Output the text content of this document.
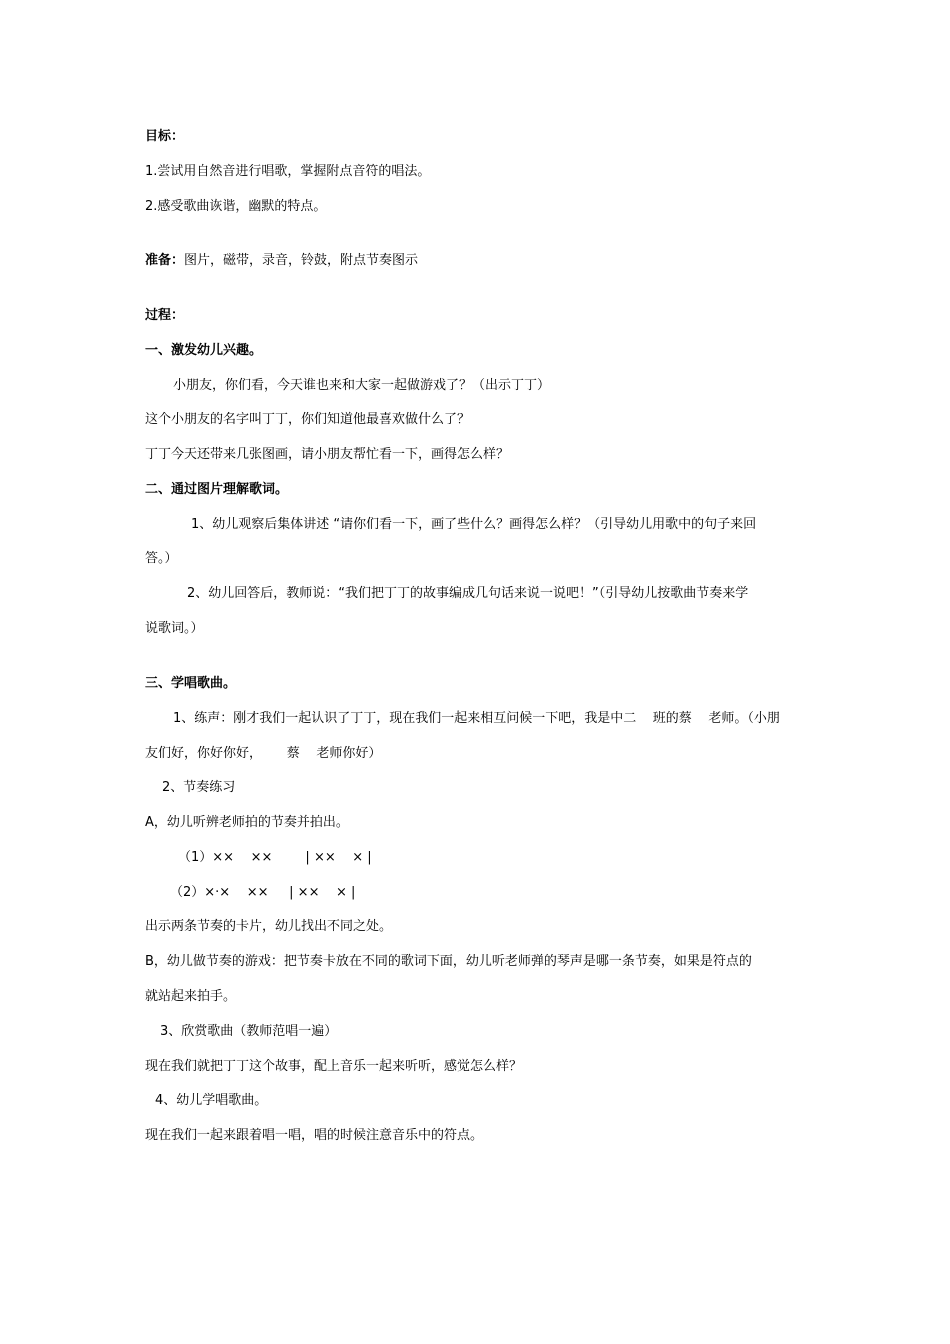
目标：
1.尝试用自然音进行唱歌，掌握附点音符的唱法。
2.感受歌曲诙谐，幽默的特点。
准备：图片，磁带，录音，铃鼓，附点节奏图示
过程：
一、激发幼儿兴趣。
小朋友，你们看，今天谁也来和大家一起做游戏了？（出示丁丁）
这个小朋友的名字叫丁丁，你们知道他最喜欢做什么了？
丁丁今天还带来几张图画，请小朋友帮忙看一下，画得怎么样？
二、通过图片理解歌词。
1、幼儿观察后集体讲述 “请你们看一下，画了些什么？画得怎么样？（引导幼儿用歌中的句子来回
答。）
2、幼儿回答后，教师说：“我们把丁丁的故事编成几句话来说一说吧！”（引导幼儿按歌曲节奏来学
说歌词。）
三、学唱歌曲。
1、练声：刚才我们一起认识了丁丁，现在我们一起来相互问候一下吧，我是中二    班的蔡    老师。（小朋
友们好，你好你好，      蔡    老师你好）
2、节奏练习
A，幼儿听辨老师拍的节奏并拍出。
（1）××    ××        | ××    × |
（2）×·×    ××     | ××    × |
出示两条节奏的卡片，幼儿找出不同之处。
B，幼儿做节奏的游戏：把节奏卡放在不同的歌词下面，幼儿听老师弹的琴声是哪一条节奏，如果是符点的
就站起来拍手。
3、欣赏歌曲（教师范唱一遍）
现在我们就把丁丁这个故事，配上音乐一起来听听，感觉怎么样？
4、幼儿学唱歌曲。
现在我们一起来跟着唱一唱，唱的时候注意音乐中的符点。
